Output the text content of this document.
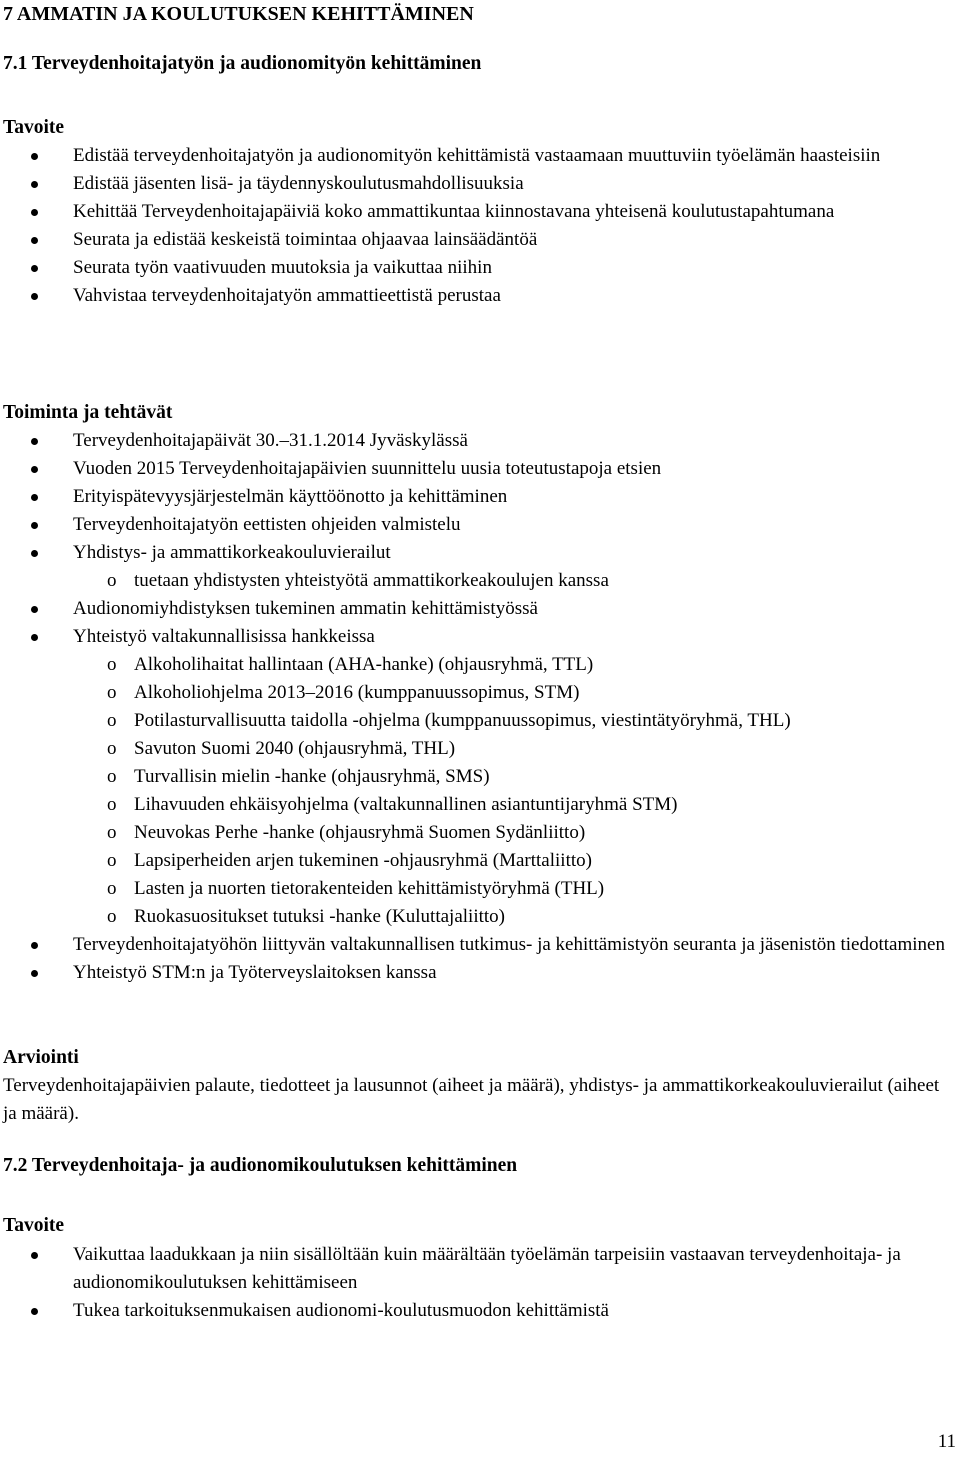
7 AMMATIN JA KOULUTUKSEN KEHITTÄMINEN
7.1 Terveydenhoitajatyön ja audionomityön kehittäminen
Tavoite
Edistää terveydenhoitajatyön ja audionomityön kehittämistä vastaamaan muuttuviin työelämän haasteisiin
Edistää jäsenten lisä- ja täydennyskoulutusmahdollisuuksia
Kehittää Terveydenhoitajapäiviä koko ammattikuntaa kiinnostavana yhteisenä koulutustapahtumana
Seurata ja edistää keskeistä toimintaa ohjaavaa lainsäädäntöä
Seurata työn vaativuuden muutoksia ja vaikuttaa niihin
Vahvistaa terveydenhoitajatyön ammattieettistä perustaa
Toiminta ja tehtävät
Terveydenhoitajapäivät 30.–31.1.2014 Jyväskylässä
Vuoden 2015 Terveydenhoitajapäivien suunnittelu uusia toteutustapoja etsien
Erityispätevyysjärjestelmän käyttöönotto ja kehittäminen
Terveydenhoitajatyön eettisten ohjeiden valmistelu
Yhdistys- ja ammattikorkeakouluvierailut
o tuetaan yhdistysten yhteistyötä ammattikorkeakoulujen kanssa
Audionomiyhdistyksen tukeminen ammatin kehittämistyössä
Yhteistyö valtakunnallisissa hankkeissa
o Alkoholihaitat hallintaan (AHA-hanke) (ohjausryhmä, TTL)
o Alkoholiohjelma 2013–2016 (kumppanuussopimus, STM)
o Potilasturvallisuutta taidolla -ohjelma (kumppanuussopimus, viestintätyöryhmä, THL)
o Savuton Suomi 2040 (ohjausryhmä, THL)
o Turvallisin mielin -hanke (ohjausryhmä, SMS)
o Lihavuuden ehkäisyohjelma (valtakunnallinen asiantuntijaryhmä STM)
o Neuvokas Perhe -hanke (ohjausryhmä Suomen Sydänliitto)
o Lapsiperheiden arjen tukeminen -ohjausryhmä (Marttaliitto)
o Lasten ja nuorten tietorakenteiden kehittämistyöryhmä (THL)
o Ruokasuositukset tutuksi -hanke (Kuluttajaliitto)
Terveydenhoitajatyöhön liittyvän valtakunnallisen tutkimus- ja kehittämistyön seuranta ja jäsenistön tiedottaminen
Yhteistyö STM:n ja Työterveyslaitoksen kanssa
Arviointi
Terveydenhoitajapäivien palaute, tiedotteet ja lausunnot (aiheet ja määrä), yhdistys- ja ammattikorkeakouluvierailut (aiheet ja määrä).
7.2 Terveydenhoitaja- ja audionomikoulutuksen kehittäminen
Tavoite
Vaikuttaa laadukkaan ja niin sisällöltään kuin määrältään työelämän tarpeisiin vastaavan terveydenhoitaja- ja audionomikoulutuksen kehittämiseen
Tukea tarkoituksenmukaisen audionomi-koulutusmuodon kehittämistä
11
